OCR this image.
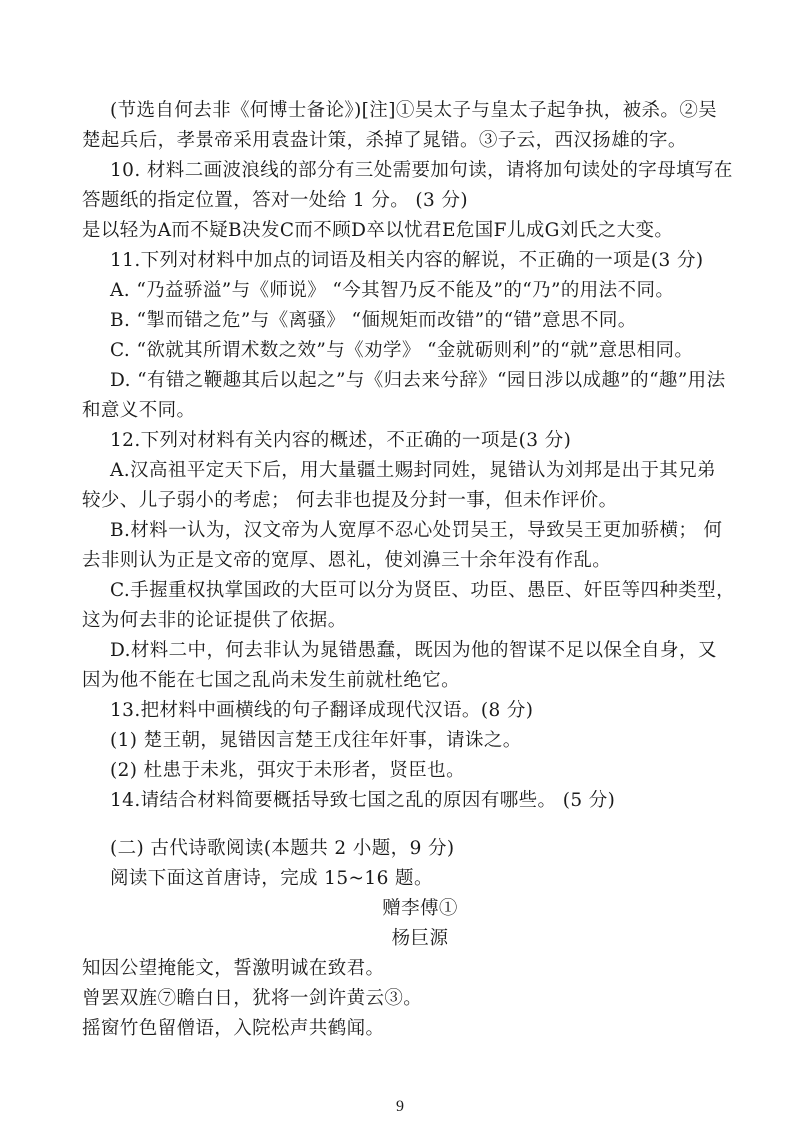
(节选自何去非《何博士备论》)[注]①吴太子与皇太子起争执，被杀。②吴
楚起兵后，孝景帝采用袁盎计策，杀掉了晁错。③子云，西汉扬雄的字。
10. 材料二画波浪线的部分有三处需要加句读，请将加句读处的字母填写在
答题纸的指定位置，答对一处给 1 分。 (3 分)
是以轻为A而不疑B决发C而不顾D卒以忧君E危国F儿成G刘氏之大变。
11.下列对材料中加点的词语及相关内容的解说，不正确的一项是(3 分)
A. “乃益骄溢”与《师说》 “今其智乃反不能及”的“乃”的用法不同。
B. “掣而错之危”与《离骚》 “偭规矩而改错”的“错”意思不同。
C. “欲就其所谓术数之效”与《劝学》 “金就砺则利”的“就”意思相同。
D. “有错之鞭趣其后以起之”与《归去来兮辞》“园日涉以成趣”的“趣”用法
和意义不同。
12.下列对材料有关内容的概述，不正确的一项是(3 分)
A.汉高祖平定天下后，用大量疆土赐封同姓，晁错认为刘邦是出于其兄弟
较少、儿子弱小的考虑； 何去非也提及分封一事，但未作评价。
B.材料一认为，汉文帝为人宽厚不忍心处罚吴王，导致吴王更加骄横； 何
去非则认为正是文帝的宽厚、恩礼，使刘濞三十余年没有作乱。
C.手握重权执掌国政的大臣可以分为贤臣、功臣、愚臣、奸臣等四种类型，
这为何去非的论证提供了依据。
D.材料二中，何去非认为晁错愚蠢，既因为他的智谋不足以保全自身，又
因为他不能在七国之乱尚未发生前就杜绝它。
13.把材料中画横线的句子翻译成现代汉语。(8 分)
(1) 楚王朝，晁错因言楚王戊往年奸事，请诛之。
(2) 杜患于未兆，弭灾于未形者，贤臣也。
14.请结合材料简要概括导致七国之乱的原因有哪些。 (5 分)
(二) 古代诗歌阅读(本题共 2 小题，9 分)
阅读下面这首唐诗，完成 15~16 题。
赠李傅①
杨巨源
知因公望掩能文，誓激明诚在致君。
曾罢双旌⑦瞻白日，犹将一剑许黄云③。
摇窗竹色留僧语，入院松声共鹤闻。
9
